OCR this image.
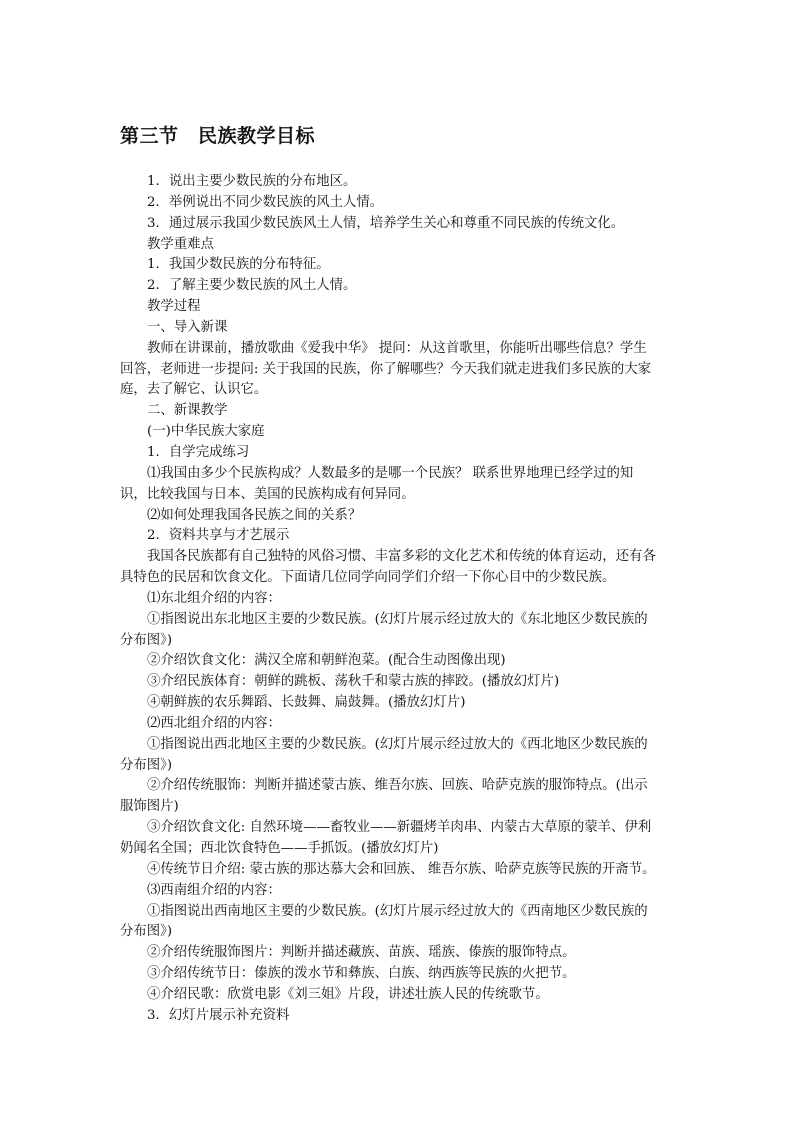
第三节　民族教学目标
1．说出主要少数民族的分布地区。
2．举例说出不同少数民族的风土人情。
3．通过展示我国少数民族风土人情，培养学生关心和尊重不同民族的传统文化。
教学重难点
1．我国少数民族的分布特征。
2．了解主要少数民族的风土人情。
教学过程
一、导入新课
教师在讲课前，播放歌曲《爱我中华》 提问：从这首歌里，你能听出哪些信息？学生
回答，老师进一步提问: 关于我国的民族，你了解哪些？今天我们就走进我们多民族的大家
庭，去了解它、认识它。
二、新课教学
(一)中华民族大家庭
1．自学完成练习
⑴我国由多少个民族构成？人数最多的是哪一个民族？ 联系世界地理已经学过的知
识，比较我国与日本、美国的民族构成有何异同。
⑵如何处理我国各民族之间的关系？
2．资料共享与才艺展示
我国各民族都有自己独特的风俗习惯、丰富多彩的文化艺术和传统的体育运动，还有各
具特色的民居和饮食文化。下面请几位同学向同学们介绍一下你心目中的少数民族。
⑴东北组介绍的内容：
①指图说出东北地区主要的少数民族。(幻灯片展示经过放大的《东北地区少数民族的
分布图》)
②介绍饮食文化：满汉全席和朝鲜泡菜。(配合生动图像出现)
③介绍民族体育：朝鲜的跳板、荡秋千和蒙古族的摔跤。(播放幻灯片)
④朝鲜族的农乐舞蹈、长鼓舞、扁鼓舞。(播放幻灯片)
⑵西北组介绍的内容：
①指图说出西北地区主要的少数民族。(幻灯片展示经过放大的《西北地区少数民族的
分布图》)
②介绍传统服饰：判断并描述蒙古族、维吾尔族、回族、哈萨克族的服饰特点。(出示
服饰图片)
③介绍饮食文化: 自然环境——畜牧业——新疆烤羊肉串、内蒙古大草原的蒙羊、伊利
奶闻名全国；西北饮食特色——手抓饭。(播放幻灯片)
④传统节日介绍: 蒙古族的那达慕大会和回族、 维吾尔族、哈萨克族等民族的开斋节。
⑶西南组介绍的内容：
①指图说出西南地区主要的少数民族。(幻灯片展示经过放大的《西南地区少数民族的
分布图》)
②介绍传统服饰图片：判断并描述藏族、苗族、瑶族、傣族的服饰特点。
③介绍传统节日：傣族的泼水节和彝族、白族、纳西族等民族的火把节。
④介绍民歌：欣赏电影《刘三姐》片段，讲述壮族人民的传统歌节。
3．幻灯片展示补充资料
